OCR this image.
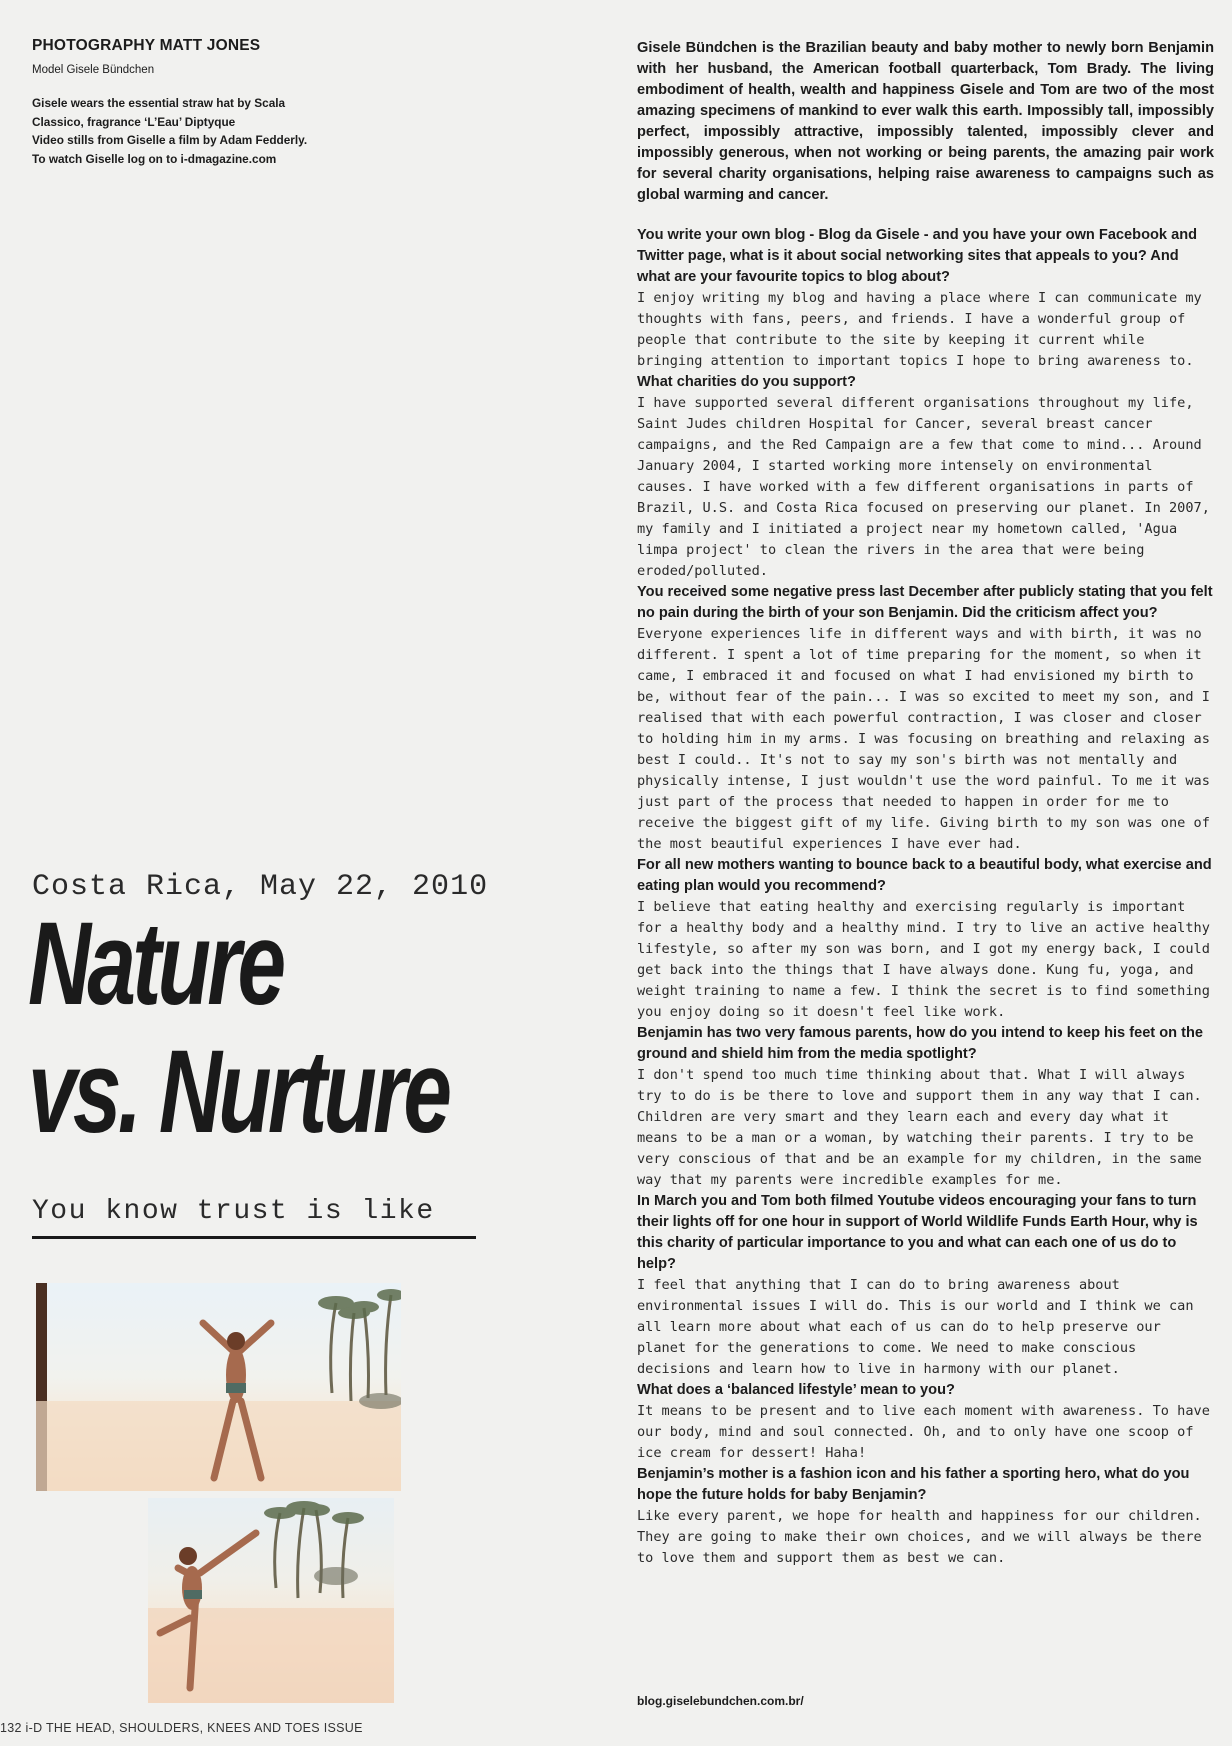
PHOTOGRAPHY MATT JONES

Model Gisele Bündchen

Gisele wears the essential straw hat by Scala
Classico, fragrance ‘L’Eau’ Diptyque
Video stills from Giselle a film by Adam Fedderly.
To watch Giselle log on to i-dmagazine.com

Costa Rica, May 22, 2010

Nature
vs. Nurture

You know trust is like

Gisele Bündchen is the Brazilian beauty and baby mother to newly born Benjamin with her husband, the American football quarterback, Tom Brady. The living embodiment of health, wealth and happiness Gisele and Tom are two of the most amazing specimens of mankind to ever walk this earth. Impossibly tall, impossibly perfect, impossibly attractive, impossibly talented, impossibly clever and impossibly generous, when not working or being parents, the amazing pair work for several charity organisations, helping raise awareness to campaigns such as global warming and cancer.

You write your own blog - Blog da Gisele - and you have your own Facebook and Twitter page, what is it about social networking sites that appeals to you? And what are your favourite topics to blog about?

I enjoy writing my blog and having a place where I can communicate my thoughts with fans, peers, and friends. I have a wonderful group of people that contribute to the site by keeping it current while bringing attention to important topics I hope to bring awareness to.

What charities do you support?

I have supported several different organisations throughout my life, Saint Judes children Hospital for Cancer, several breast cancer campaigns, and the Red Campaign are a few that come to mind... Around January 2004, I started working more intensely on environmental causes. I have worked with a few different organisations in parts of Brazil, U.S. and Costa Rica focused on preserving our planet. In 2007, my family and I initiated a project near my hometown called, 'Agua limpa project' to clean the rivers in the area that were being eroded/polluted.

You received some negative press last December after publicly stating that you felt no pain during the birth of your son Benjamin. Did the criticism affect you?

Everyone experiences life in different ways and with birth, it was no different. I spent a lot of time preparing for the moment, so when it came, I embraced it and focused on what I had envisioned my birth to be, without fear of the pain... I was so excited to meet my son, and I realised that with each powerful contraction, I was closer and closer to holding him in my arms. I was focusing on breathing and relaxing as best I could.. It's not to say my son's birth was not mentally and physically intense, I just wouldn't use the word painful. To me it was just part of the process that needed to happen in order for me to receive the biggest gift of my life. Giving birth to my son was one of the most beautiful experiences I have ever had.

For all new mothers wanting to bounce back to a beautiful body, what exercise and eating plan would you recommend?

I believe that eating healthy and exercising regularly is important for a healthy body and a healthy mind. I try to live an active healthy lifestyle, so after my son was born, and I got my energy back, I could get back into the things that I have always done. Kung fu, yoga, and weight training to name a few. I think the secret is to find something you enjoy doing so it doesn't feel like work.

Benjamin has two very famous parents, how do you intend to keep his feet on the ground and shield him from the media spotlight?

I don't spend too much time thinking about that. What I will always try to do is be there to love and support them in any way that I can. Children are very smart and they learn each and every day what it means to be a man or a woman, by watching their parents. I try to be very conscious of that and be an example for my children, in the same way that my parents were incredible examples for me.

In March you and Tom both filmed Youtube videos encouraging your fans to turn their lights off for one hour in support of World Wildlife Funds Earth Hour, why is this charity of particular importance to you and what can each one of us do to help?

I feel that anything that I can do to bring awareness about environmental issues I will do. This is our world and I think we can all learn more about what each of us can do to help preserve our planet for the generations to come. We need to make conscious decisions and learn how to live in harmony with our planet.

What does a ‘balanced lifestyle’ mean to you?

It means to be present and to live each moment with awareness. To have our body, mind and soul connected. Oh, and to only have one scoop of ice cream for dessert! Haha!

Benjamin’s mother is a fashion icon and his father a sporting hero, what do you hope the future holds for baby Benjamin?

Like every parent, we hope for health and happiness for our children. They are going to make their own choices, and we will always be there to love them and support them as best we can.

blog.giselebundchen.com.br/
132 i-D THE HEAD, SHOULDERS, KNEES AND TOES ISSUE
